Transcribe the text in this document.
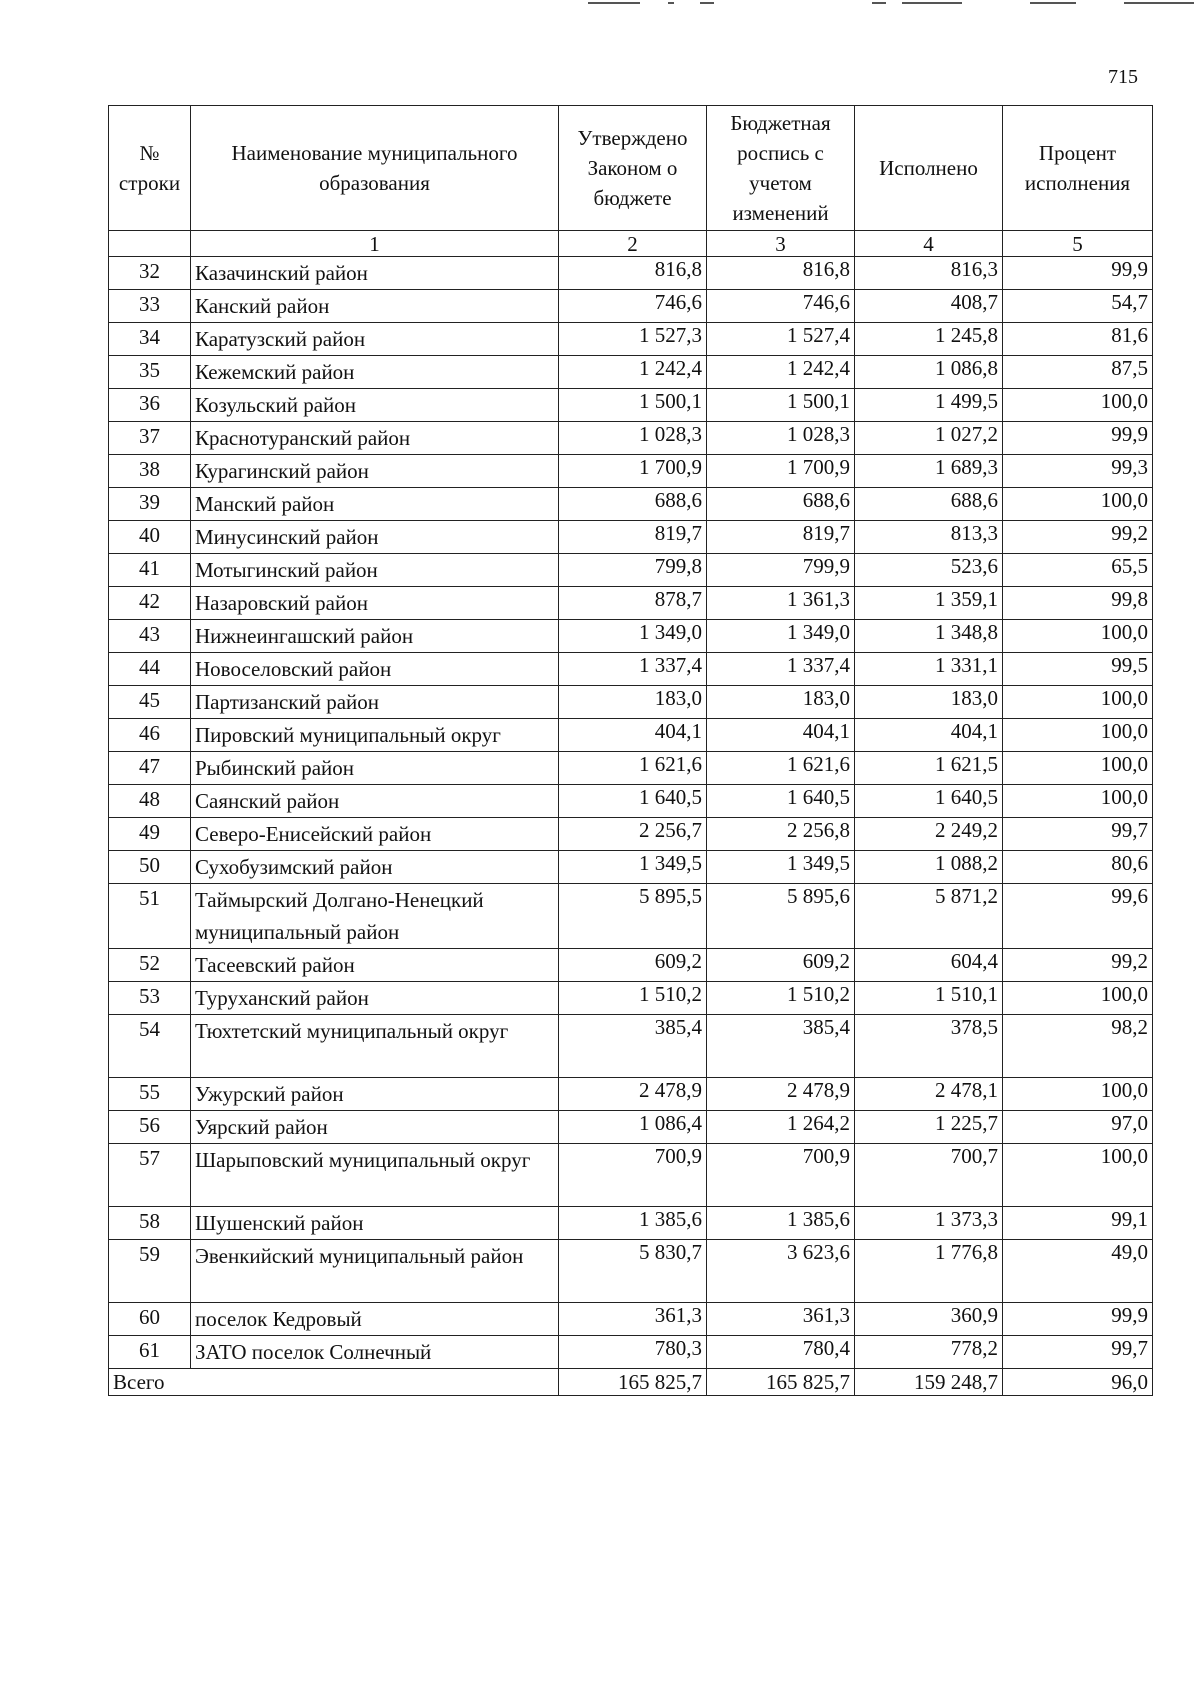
715
№ строки	Наименование муниципального образования	Утверждено Законом о бюджете	Бюджетная роспись с учетом изменений	Исполнено	Процент исполнения
	1	2	3	4	5
32	Казачинский район	816,8	816,8	816,3	99,9
33	Канский район	746,6	746,6	408,7	54,7
34	Каратузский район	1 527,3	1 527,4	1 245,8	81,6
35	Кежемский район	1 242,4	1 242,4	1 086,8	87,5
36	Козульский район	1 500,1	1 500,1	1 499,5	100,0
37	Краснотуранский район	1 028,3	1 028,3	1 027,2	99,9
38	Курагинский район	1 700,9	1 700,9	1 689,3	99,3
39	Манский район	688,6	688,6	688,6	100,0
40	Минусинский район	819,7	819,7	813,3	99,2
41	Мотыгинский район	799,8	799,9	523,6	65,5
42	Назаровский район	878,7	1 361,3	1 359,1	99,8
43	Нижнеингашский район	1 349,0	1 349,0	1 348,8	100,0
44	Новоселовский район	1 337,4	1 337,4	1 331,1	99,5
45	Партизанский район	183,0	183,0	183,0	100,0
46	Пировский муниципальный округ	404,1	404,1	404,1	100,0
47	Рыбинский район	1 621,6	1 621,6	1 621,5	100,0
48	Саянский район	1 640,5	1 640,5	1 640,5	100,0
49	Северо-Енисейский район	2 256,7	2 256,8	2 249,2	99,7
50	Сухобузимский район	1 349,5	1 349,5	1 088,2	80,6
51	Таймырский Долгано-Ненецкий муниципальный район	5 895,5	5 895,6	5 871,2	99,6
52	Тасеевский район	609,2	609,2	604,4	99,2
53	Туруханский район	1 510,2	1 510,2	1 510,1	100,0
54	Тюхтетский муниципальный округ	385,4	385,4	378,5	98,2
55	Ужурский район	2 478,9	2 478,9	2 478,1	100,0
56	Уярский район	1 086,4	1 264,2	1 225,7	97,0
57	Шарыповский муниципальный округ	700,9	700,9	700,7	100,0
58	Шушенский район	1 385,6	1 385,6	1 373,3	99,1
59	Эвенкийский муниципальный район	5 830,7	3 623,6	1 776,8	49,0
60	поселок Кедровый	361,3	361,3	360,9	99,9
61	ЗАТО поселок Солнечный	780,3	780,4	778,2	99,7
Всего		165 825,7	165 825,7	159 248,7	96,0
